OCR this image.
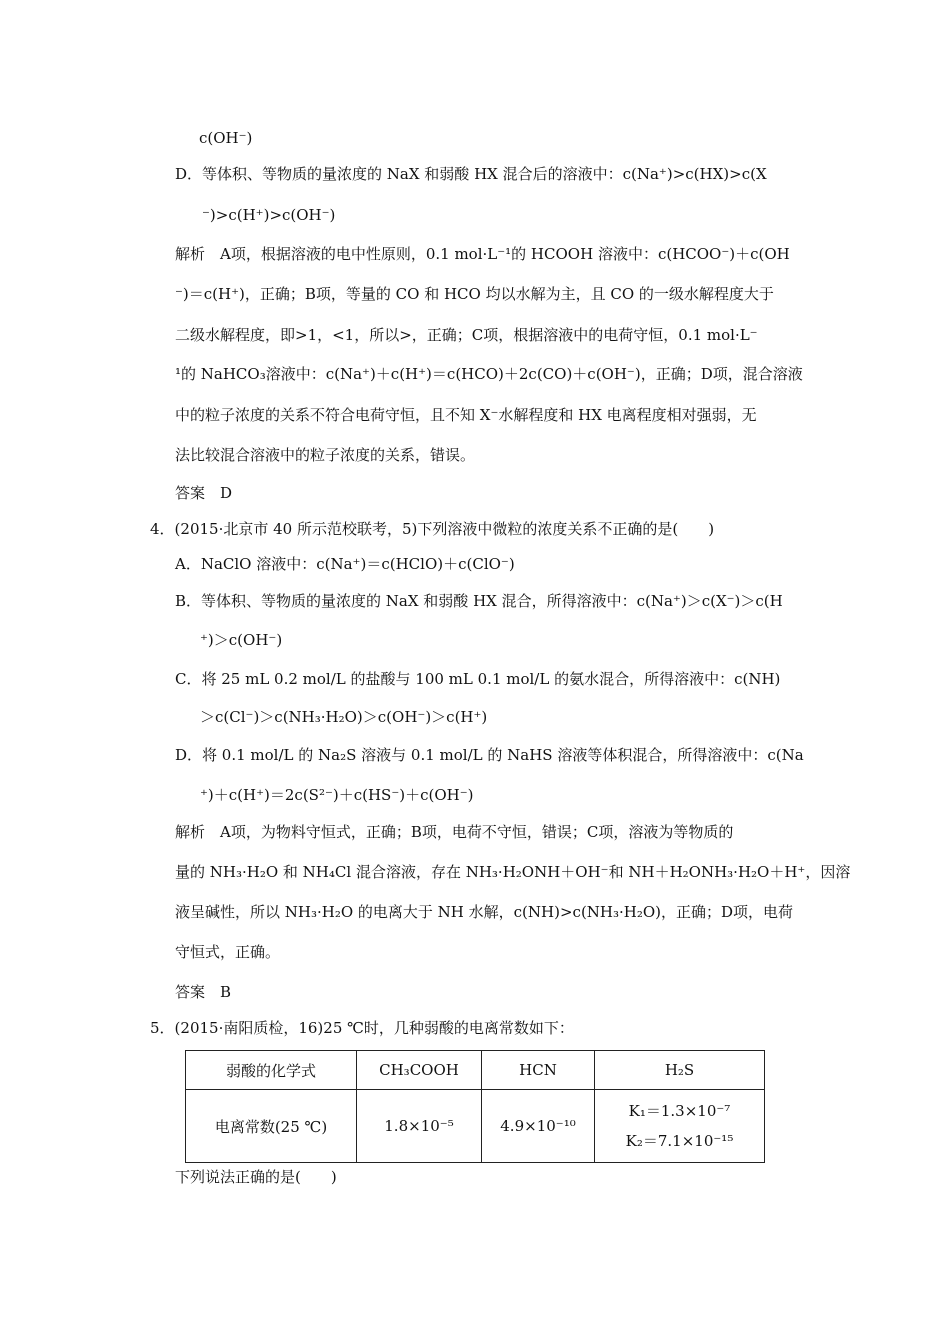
c(OH⁻)
D．等体积、等物质的量浓度的 NaX 和弱酸 HX 混合后的溶液中：c(Na⁺)>c(HX)>c(X
⁻)>c(H⁺)>c(OH⁻)
解析　A项，根据溶液的电中性原则，0.1 mol·L⁻¹的 HCOOH 溶液中：c(HCOO⁻)＋c(OH
⁻)＝c(H⁺)，正确；B项，等量的 CO 和 HCO 均以水解为主，且 CO 的一级水解程度大于
二级水解程度，即>1，<1，所以>，正确；C项，根据溶液中的电荷守恒，0.1 mol·L⁻
¹的 NaHCO₃溶液中：c(Na⁺)＋c(H⁺)＝c(HCO)＋2c(CO)＋c(OH⁻)，正确；D项，混合溶液
中的粒子浓度的关系不符合电荷守恒，且不知 X⁻水解程度和 HX 电离程度相对强弱，无
法比较混合溶液中的粒子浓度的关系，错误。
答案　D
4．(2015·北京市 40 所示范校联考，5)下列溶液中微粒的浓度关系不正确的是(　　)
A．NaClO 溶液中：c(Na⁺)＝c(HClO)＋c(ClO⁻)
B．等体积、等物质的量浓度的 NaX 和弱酸 HX 混合，所得溶液中：c(Na⁺)＞c(X⁻)＞c(H
⁺)＞c(OH⁻)
C．将 25 mL 0.2 mol/L 的盐酸与 100 mL 0.1 mol/L 的氨水混合，所得溶液中：c(NH)
＞c(Cl⁻)＞c(NH₃·H₂O)＞c(OH⁻)＞c(H⁺)
D．将 0.1 mol/L 的 Na₂S 溶液与 0.1 mol/L 的 NaHS 溶液等体积混合，所得溶液中：c(Na
⁺)＋c(H⁺)＝2c(S²⁻)＋c(HS⁻)＋c(OH⁻)
解析　A项，为物料守恒式，正确；B项，电荷不守恒，错误；C项，溶液为等物质的
量的 NH₃·H₂O 和 NH₄Cl 混合溶液，存在 NH₃·H₂ONH＋OH⁻和 NH＋H₂ONH₃·H₂O＋H⁺，因溶
液呈碱性，所以 NH₃·H₂O 的电离大于 NH 水解，c(NH)>c(NH₃·H₂O)，正确；D项，电荷
守恒式，正确。
答案　B
5．(2015·南阳质检，16)25 ℃时，几种弱酸的电离常数如下：
弱酸的化学式	CH₃COOH	HCN	H₂S
电离常数(25 ℃)	1.8×10⁻⁵	4.9×10⁻¹⁰	K₁＝1.3×10⁻⁷
K₂＝7.1×10⁻¹⁵
下列说法正确的是(　　)
